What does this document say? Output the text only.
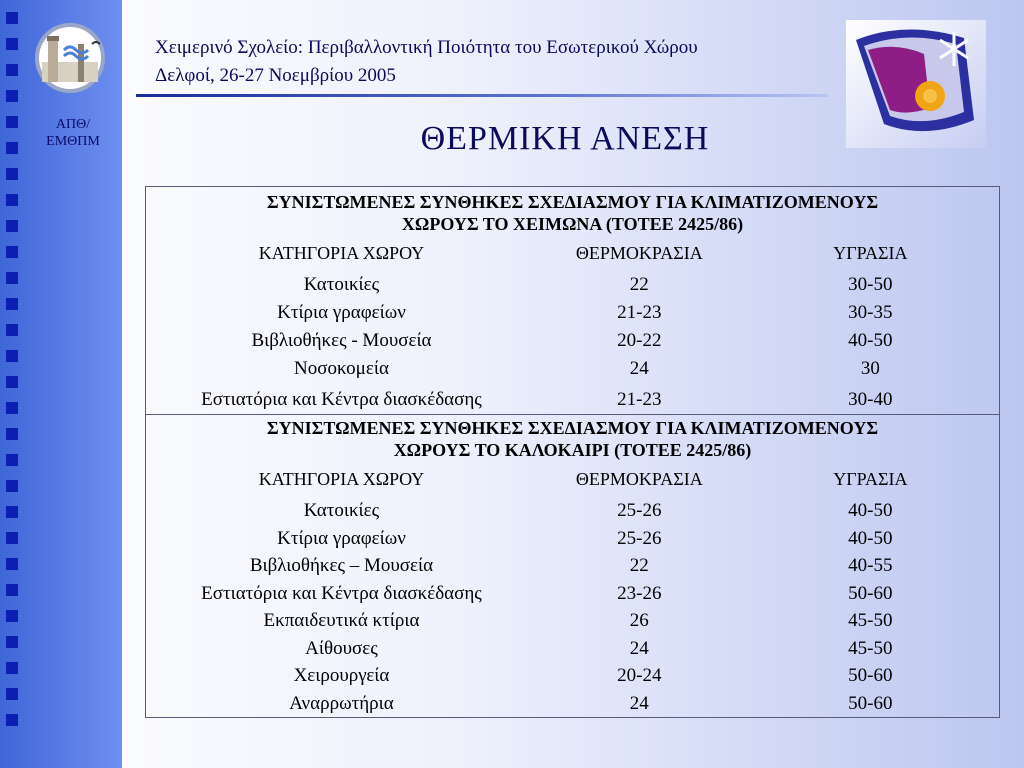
ΑΠΘ/
ΕΜΘΠΜ
Χειμερινό Σχολείο: Περιβαλλοντική Ποιότητα του Εσωτερικού Χώρου
Δελφοί, 26-27 Νοεμβρίου 2005
ΘΕΡΜΙΚΗ ΑΝΕΣΗ
ΣΥΝΙΣΤΩΜΕΝΕΣ ΣΥΝΘΗΚΕΣ ΣΧΕΔΙΑΣΜΟΥ ΓΙΑ ΚΛΙΜΑΤΙΖΟΜΕΝΟΥΣ
ΧΩΡΟΥΣ ΤΟ ΧΕΙΜΩΝΑ (ΤΟΤΕΕ 2425/86)		

ΚΑΤΗΓΟΡΙΑ ΧΩΡΟΥ	ΘΕΡΜΟΚΡΑΣΙΑ	ΥΓΡΑΣΙΑ
Κατοικίες	22	30-50
Κτίρια γραφείων	21-23	30-35
Βιβλιοθήκες - Μουσεία	20-22	40-50
Νοσοκομεία	24	30
Εστιατόρια και Κέντρα διασκέδασης	21-23	30-40

ΣΥΝΙΣΤΩΜΕΝΕΣ ΣΥΝΘΗΚΕΣ ΣΧΕΔΙΑΣΜΟΥ ΓΙΑ ΚΛΙΜΑΤΙΖΟΜΕΝΟΥΣ
ΧΩΡΟΥΣ ΤΟ ΚΑΛΟΚΑΙΡΙ (ΤΟΤΕΕ 2425/86)		

ΚΑΤΗΓΟΡΙΑ ΧΩΡΟΥ	ΘΕΡΜΟΚΡΑΣΙΑ	ΥΓΡΑΣΙΑ
Κατοικίες	25-26	40-50
Κτίρια γραφείων	25-26	40-50
Βιβλιοθήκες – Μουσεία	22	40-55
Εστιατόρια και Κέντρα διασκέδασης	23-26	50-60
Εκπαιδευτικά κτίρια	26	45-50
Αίθουσες	24	45-50
Χειρουργεία	20-24	50-60
Αναρρωτήρια	24	50-60
